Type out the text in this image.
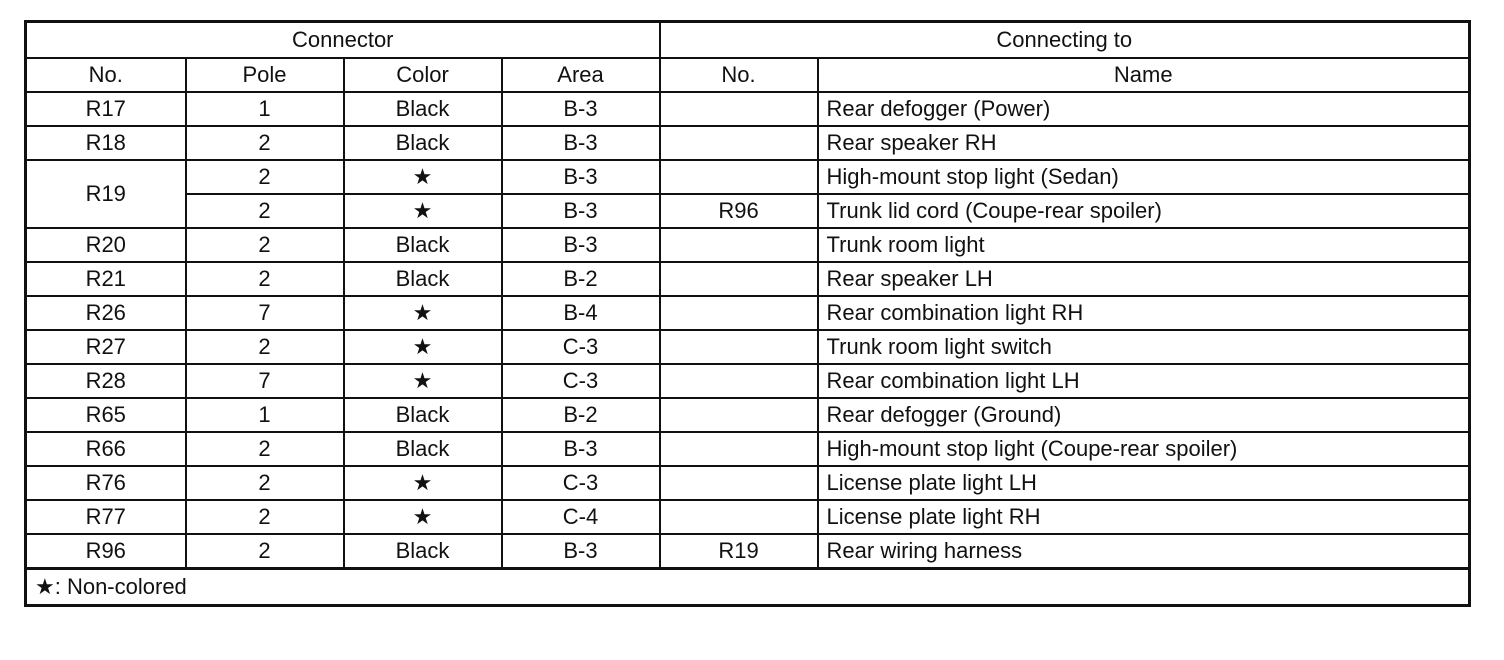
Connector				Connecting to	
No.	Pole	Color	Area	No.	Name
R17	1	Black	B-3		Rear defogger (Power)
R18	2	Black	B-3		Rear speaker RH
R19	2	★	B-3		High-mount stop light (Sedan)
	2	★	B-3	R96	Trunk lid cord (Coupe-rear spoiler)
R20	2	Black	B-3		Trunk room light
R21	2	Black	B-2		Rear speaker LH
R26	7	★	B-4		Rear combination light RH
R27	2	★	C-3		Trunk room light switch
R28	7	★	C-3		Rear combination light LH
R65	1	Black	B-2		Rear defogger (Ground)
R66	2	Black	B-3		High-mount stop light (Coupe-rear spoiler)
R76	2	★	C-3		License plate light LH
R77	2	★	C-4		License plate light RH
R96	2	Black	B-3	R19	Rear wiring harness
★: Non-colored					
